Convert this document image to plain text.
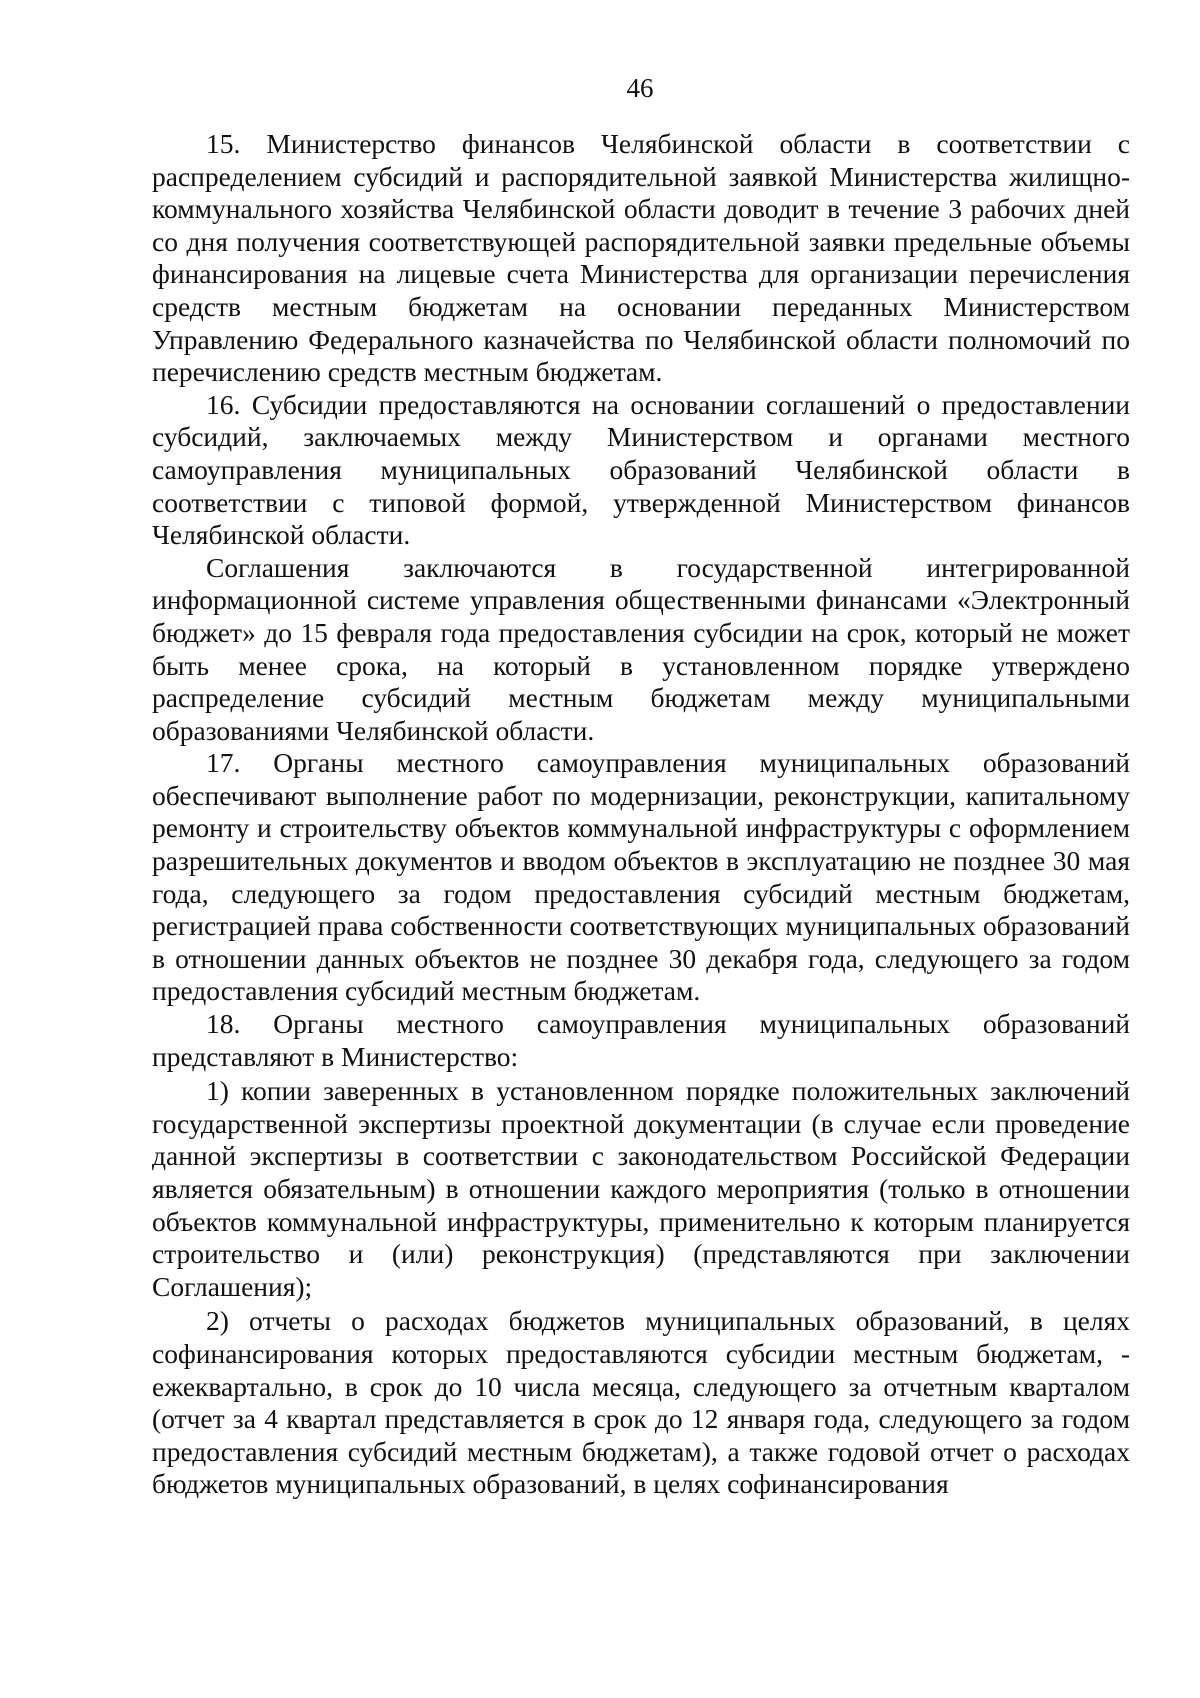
46

15. Министерство финансов Челябинской области в соответствии с распределением субсидий и распорядительной заявкой Министерства жилищно-коммунального хозяйства Челябинской области доводит в течение 3 рабочих дней со дня получения соответствующей распорядительной заявки предельные объемы финансирования на лицевые счета Министерства для организации перечисления средств местным бюджетам на основании переданных Министерством Управлению Федерального казначейства по Челябинской области полномочий по перечислению средств местным бюджетам.

16. Субсидии предоставляются на основании соглашений о предоставлении субсидий, заключаемых между Министерством и органами местного самоуправления муниципальных образований Челябинской области в соответствии с типовой формой, утвержденной Министерством финансов Челябинской области.

Соглашения заключаются в государственной интегрированной информационной системе управления общественными финансами «Электронный бюджет» до 15 февраля года предоставления субсидии на срок, который не может быть менее срока, на который в установленном порядке утверждено распределение субсидий местным бюджетам между муниципальными образованиями Челябинской области.

17. Органы местного самоуправления муниципальных образований обеспечивают выполнение работ по модернизации, реконструкции, капитальному ремонту и строительству объектов коммунальной инфраструктуры с оформлением разрешительных документов и вводом объектов в эксплуатацию не позднее 30 мая года, следующего за годом предоставления субсидий местным бюджетам, регистрацией права собственности соответствующих муниципальных образований в отношении данных объектов не позднее 30 декабря года, следующего за годом предоставления субсидий местным бюджетам.

18. Органы местного самоуправления муниципальных образований представляют в Министерство:

1) копии заверенных в установленном порядке положительных заключений государственной экспертизы проектной документации (в случае если проведение данной экспертизы в соответствии с законодательством Российской Федерации является обязательным) в отношении каждого мероприятия (только в отношении объектов коммунальной инфраструктуры, применительно к которым планируется строительство и (или) реконструкция) (представляются при заключении Соглашения);

2) отчеты о расходах бюджетов муниципальных образований, в целях софинансирования которых предоставляются субсидии местным бюджетам, - ежеквартально, в срок до 10 числа месяца, следующего за отчетным кварталом (отчет за 4 квартал представляется в срок до 12 января года, следующего за годом предоставления субсидий местным бюджетам), а также годовой отчет о расходах бюджетов муниципальных образований, в целях софинансирования
